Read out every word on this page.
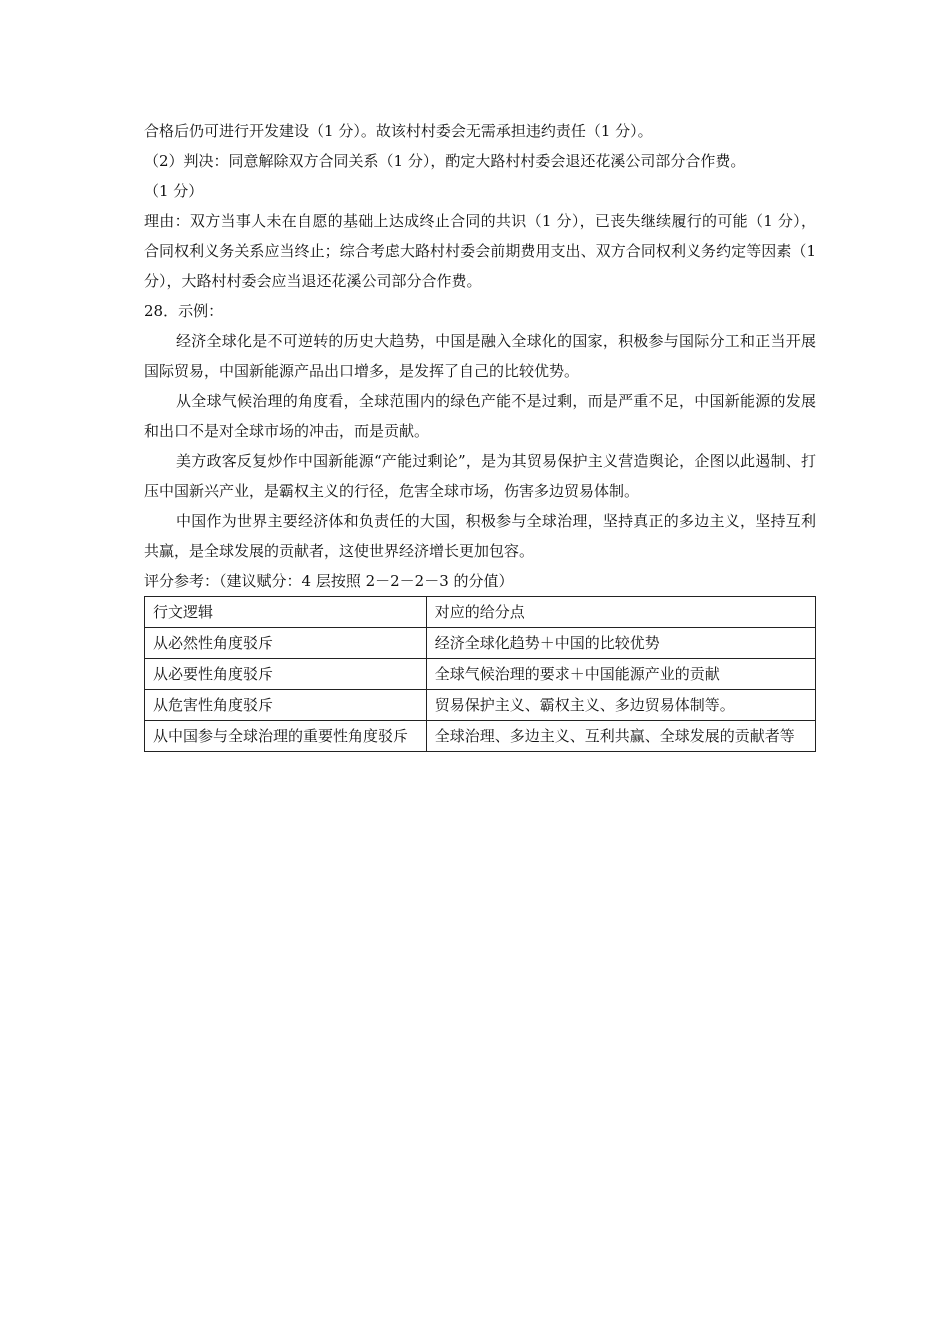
合格后仍可进行开发建设（1 分）。故该村村委会无需承担违约责任（1 分）。

（2）判决：同意解除双方合同关系（1 分），酌定大路村村委会退还花溪公司部分合作费。

（1 分）

理由：双方当事人未在自愿的基础上达成终止合同的共识（1 分），已丧失继续履行的可能（1 分），合同权利义务关系应当终止；综合考虑大路村村委会前期费用支出、双方合同权利义务约定等因素（1 分），大路村村委会应当退还花溪公司部分合作费。

28．示例：

经济全球化是不可逆转的历史大趋势，中国是融入全球化的国家，积极参与国际分工和正当开展国际贸易，中国新能源产品出口增多，是发挥了自己的比较优势。

从全球气候治理的角度看，全球范围内的绿色产能不是过剩，而是严重不足，中国新能源的发展和出口不是对全球市场的冲击，而是贡献。

美方政客反复炒作中国新能源“产能过剩论”，是为其贸易保护主义营造舆论，企图以此遏制、打压中国新兴产业，是霸权主义的行径，危害全球市场，伤害多边贸易体制。

中国作为世界主要经济体和负责任的大国，积极参与全球治理，坚持真正的多边主义，坚持互利共赢，是全球发展的贡献者，这使世界经济增长更加包容。

评分参考：（建议赋分：4 层按照 2－2－2－3 的分值）

行文逻辑	对应的给分点
从必然性角度驳斥	经济全球化趋势＋中国的比较优势
从必要性角度驳斥	全球气候治理的要求＋中国能源产业的贡献
从危害性角度驳斥	贸易保护主义、霸权主义、多边贸易体制等。
从中国参与全球治理的重要性角度驳斥	全球治理、多边主义、互利共赢、全球发展的贡献者等
